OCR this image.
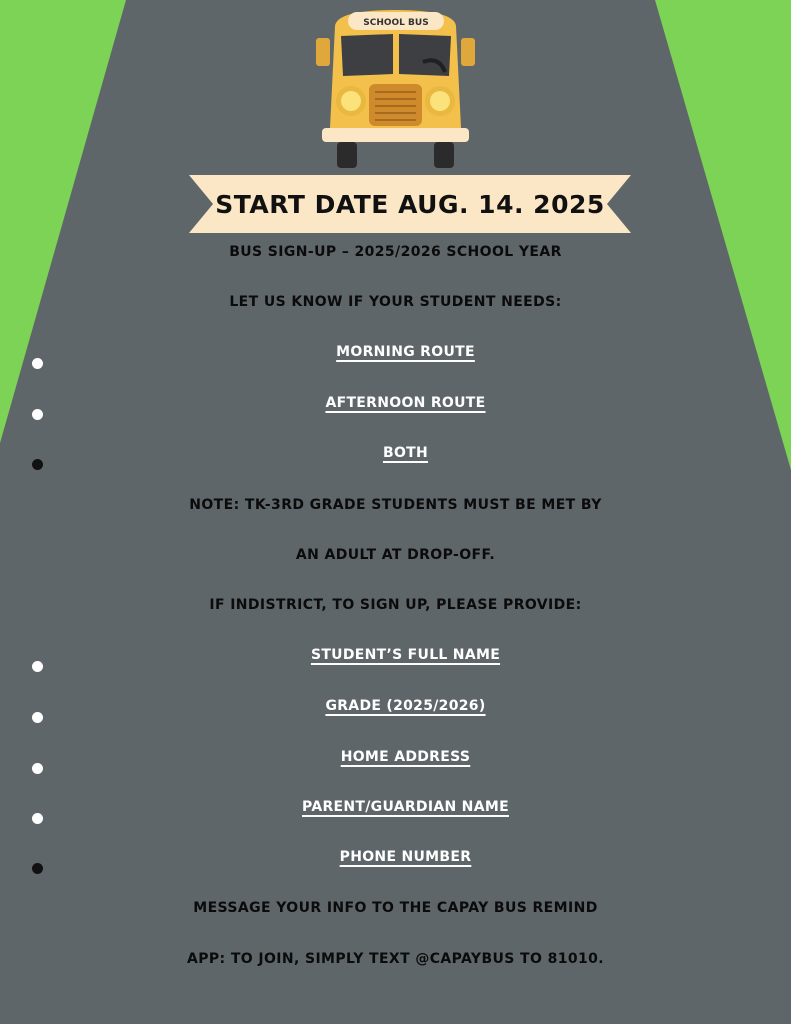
SCHOOL BUS
START DATE AUG. 14. 2025
BUS SIGN-UP – 2025/2026 SCHOOL YEAR
LET US KNOW IF YOUR STUDENT NEEDS:
MORNING ROUTE
AFTERNOON ROUTE
BOTH
NOTE: TK-3RD GRADE STUDENTS MUST BE MET BY
AN ADULT AT DROP-OFF.
IF INDISTRICT, TO SIGN UP, PLEASE PROVIDE:
STUDENT’S FULL NAME
GRADE (2025/2026)
HOME ADDRESS
PARENT/GUARDIAN NAME
PHONE NUMBER
MESSAGE YOUR INFO TO THE CAPAY BUS REMIND
APP: TO JOIN, SIMPLY TEXT @CAPAYBUS TO 81010.
